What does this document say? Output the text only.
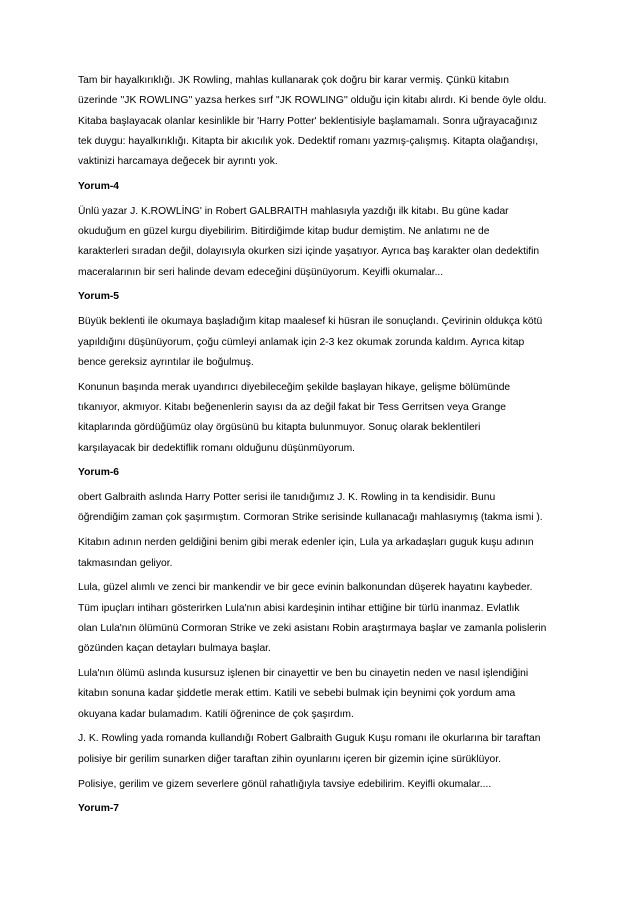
Tam bir hayalkırıklığı. JK Rowling, mahlas kullanarak çok doğru bir karar vermiş. Çünkü kitabın
üzerinde ''JK ROWLING'' yazsa herkes sırf ''JK ROWLING'' olduğu için kitabı alırdı. Ki bende öyle oldu.
Kitaba başlayacak olanlar kesinlikle bir 'Harry Potter' beklentisiyle başlamamalı. Sonra uğrayacağınız
tek duygu: hayalkırıklığı. Kitapta bir akıcılık yok. Dedektif romanı yazmış-çalışmış. Kitapta olağandışı,
vaktinizi harcamaya değecek bir ayrıntı yok.

Yorum-4

Ünlü yazar J. K.ROWLİNG' in Robert GALBRAITH mahlasıyla yazdığı ilk kitabı. Bu güne kadar
okuduğum en güzel kurgu diyebilirim. Bitirdiğimde kitap budur demiştim. Ne anlatımı ne de
karakterleri sıradan değil, dolayısıyla okurken sizi içinde yaşatıyor. Ayrıca baş karakter olan dedektifin
maceralarının bir seri halinde devam edeceğini düşünüyorum. Keyifli okumalar...

Yorum-5

Büyük beklenti ile okumaya başladığım kitap maalesef ki hüsran ile sonuçlandı. Çevirinin oldukça kötü
yapıldığını düşünüyorum, çoğu cümleyi anlamak için 2-3 kez okumak zorunda kaldım. Ayrıca kitap
bence gereksiz ayrıntılar ile boğulmuş.

Konunun başında merak uyandırıcı diyebileceğim şekilde başlayan hikaye, gelişme bölümünde
tıkanıyor, akmıyor. Kitabı beğenenlerin sayısı da az değil fakat bir Tess Gerritsen veya Grange
kitaplarında gördüğümüz olay örgüsünü bu kitapta bulunmuyor. Sonuç olarak beklentileri
karşılayacak bir dedektiflik romanı olduğunu düşünmüyorum.

Yorum-6

obert Galbraith aslında Harry Potter serisi ile tanıdığımız J. K. Rowling in ta kendisidir. Bunu
öğrendiğim zaman çok şaşırmıştım. Cormoran Strike serisinde kullanacağı mahlasıymış (takma ismi ).

Kitabın adının nerden geldiğini benim gibi merak edenler için, Lula ya arkadaşları guguk kuşu adının
takmasından geliyor.

Lula, güzel alımlı ve zenci bir mankendir ve bir gece evinin balkonundan düşerek hayatını kaybeder.
Tüm ipuçları intiharı gösterirken Lula'nın abisi kardeşinin intihar ettiğine bir türlü inanmaz. Evlatlık
olan Lula'nın ölümünü Cormoran Strike ve zeki asistanı Robin araştırmaya başlar ve zamanla polislerin
gözünden kaçan detayları bulmaya başlar.

Lula'nın ölümü aslında kusursuz işlenen bir cinayettir ve ben bu cinayetin neden ve nasıl işlendiğini
kitabın sonuna kadar şiddetle merak ettim. Katili ve sebebi bulmak için beynimi çok yordum ama
okuyana kadar bulamadım. Katili öğrenince de çok şaşırdım.

J. K. Rowling yada romanda kullandığı Robert Galbraith Guguk Kuşu romanı ile okurlarına bir taraftan
polisiye bir gerilim sunarken diğer taraftan zihin oyunlarını içeren bir gizemin içine sürüklüyor.

Polisiye, gerilim ve gizem severlere gönül rahatlığıyla tavsiye edebilirim. Keyifli okumalar....

Yorum-7
